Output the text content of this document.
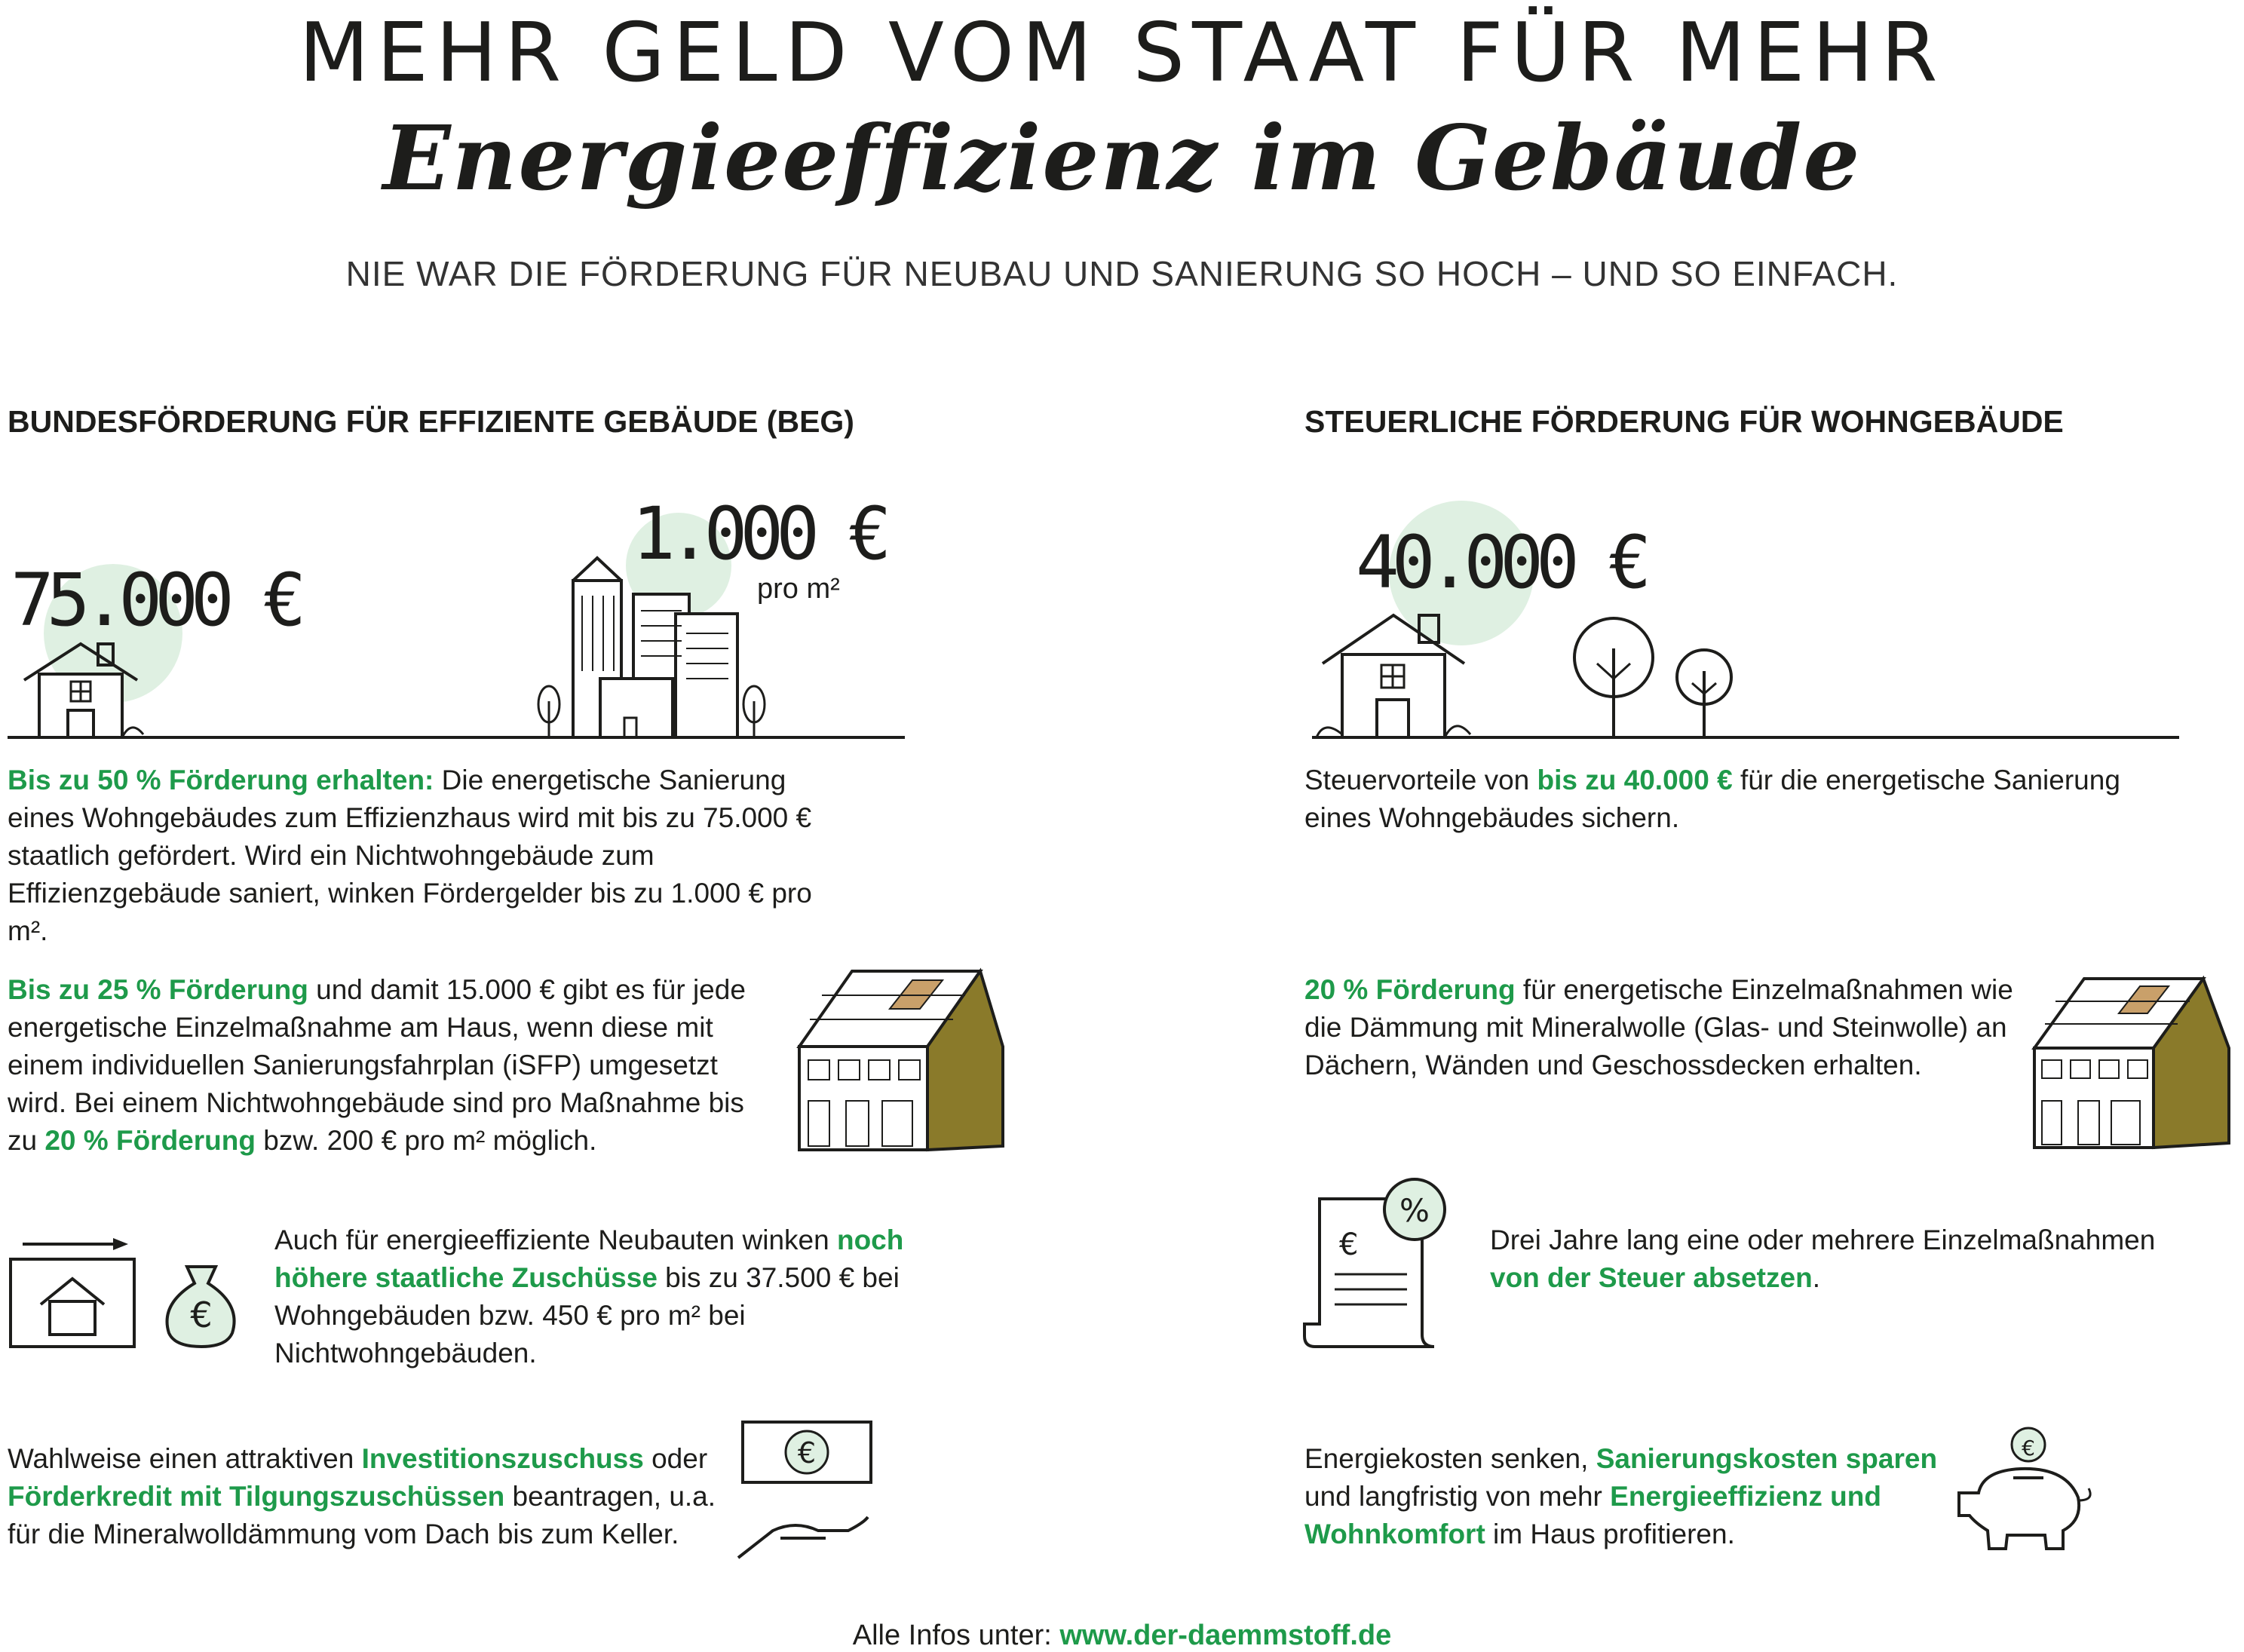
MEHR GELD VOM STAAT FÜR MEHR
Energieeffizienz im Gebäude
NIE WAR DIE FÖRDERUNG FÜR NEUBAU UND SANIERUNG SO HOCH – UND SO EINFACH.
BUNDESFÖRDERUNG FÜR EFFIZIENTE GEBÄUDE (BEG)
75.000 €
1.000 €
pro m²
Bis zu 50 % Förderung erhalten: Die energetische Sanierung eines Wohngebäudes zum Effizienzhaus wird mit bis zu 75.000 € staatlich gefördert. Wird ein Nichtwohngebäude zum Effizienzgebäude saniert, winken Fördergelder bis zu 1.000 € pro m².
Bis zu 25 % Förderung und damit 15.000 € gibt es für jede energetische Einzelmaßnahme am Haus, wenn diese mit einem individuellen Sanierungsfahrplan (iSFP) umgesetzt wird. Bei einem Nichtwohngebäude sind pro Maßnahme bis zu 20 % Förderung bzw. 200 € pro m² möglich.
€
Auch für energieeffiziente Neubauten winken noch höhere staatliche Zuschüsse bis zu 37.500 € bei Wohngebäuden bzw. 450 € pro m² bei Nichtwohngebäuden.
Wahlweise einen attraktiven Investitionszuschuss oder Förderkredit mit Tilgungszuschüssen beantragen, u.a. für die Mineralwolldämmung vom Dach bis zum Keller.
€
STEUERLICHE FÖRDERUNG FÜR WOHNGEBÄUDE
40.000 €
Steuervorteile von bis zu 40.000 € für die energetische Sanierung eines Wohngebäudes sichern.
20 % Förderung für energetische Einzelmaßnahmen wie die Dämmung mit Mineralwolle (Glas- und Steinwolle) an Dächern, Wänden und Geschossdecken erhalten.
€
%
Drei Jahre lang eine oder mehrere Einzelmaßnahmen von der Steuer absetzen.
Energiekosten senken, Sanierungskosten sparen und langfristig von mehr Energieeffizienz und Wohnkomfort im Haus profitieren.
€
Alle Infos unter: www.der-daemmstoff.de
